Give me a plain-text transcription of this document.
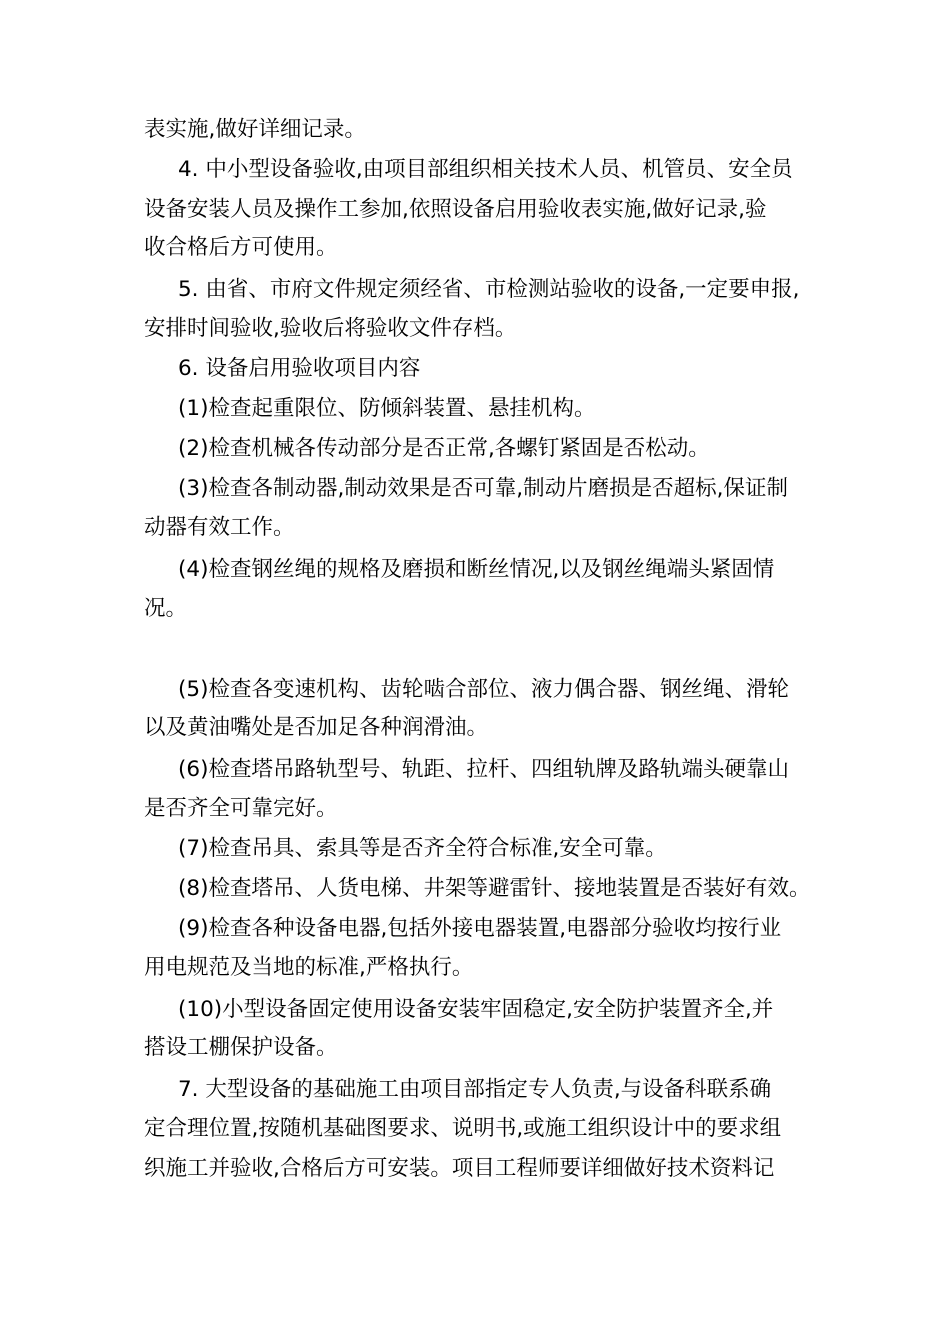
表实施,做好详细记录。
4. 中小型设备验收,由项目部组织相关技术人员、机管员、安全员
设备安装人员及操作工参加,依照设备启用验收表实施,做好记录,验
收合格后方可使用。
5. 由省、市府文件规定须经省、市检测站验收的设备,一定要申报,
安排时间验收,验收后将验收文件存档。
6. 设备启用验收项目内容
(1)检查起重限位、防倾斜装置、悬挂机构。
(2)检查机械各传动部分是否正常,各螺钉紧固是否松动。
(3)检查各制动器,制动效果是否可靠,制动片磨损是否超标,保证制
动器有效工作。
(4)检查钢丝绳的规格及磨损和断丝情况,以及钢丝绳端头紧固情
况。
(5)检查各变速机构、齿轮啮合部位、液力偶合器、钢丝绳、滑轮
以及黄油嘴处是否加足各种润滑油。
(6)检查塔吊路轨型号、轨距、拉杆、四组轨牌及路轨端头硬靠山
是否齐全可靠完好。
(7)检查吊具、索具等是否齐全符合标准,安全可靠。
(8)检查塔吊、人货电梯、井架等避雷针、接地装置是否装好有效。
(9)检查各种设备电器,包括外接电器装置,电器部分验收均按行业
用电规范及当地的标准,严格执行。
(10)小型设备固定使用设备安装牢固稳定,安全防护装置齐全,并
搭设工棚保护设备。
7. 大型设备的基础施工由项目部指定专人负责,与设备科联系确
定合理位置,按随机基础图要求、说明书,或施工组织设计中的要求组
织施工并验收,合格后方可安装。项目工程师要详细做好技术资料记
